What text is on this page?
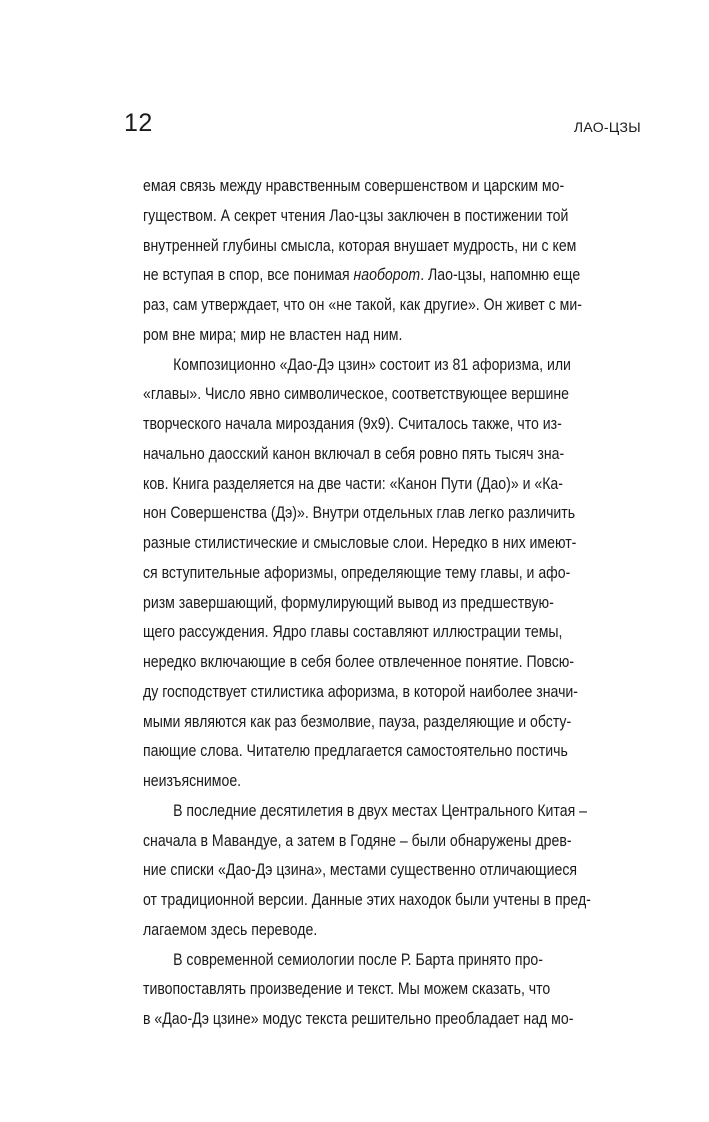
12	ЛАО-ЦЗЫ
емая связь между нравственным совершенством и царским мо-
гуществом. А секрет чтения Лао-цзы заключен в постижении той
внутренней глубины смысла, которая внушает мудрость, ни с кем
не вступая в спор, все понимая наоборот. Лао-цзы, напомню еще
раз, сам утверждает, что он «не такой, как другие». Он живет с ми-
ром вне мира; мир не властен над ним.
Композиционно «Дао-Дэ цзин» состоит из 81 афоризма, или
«главы». Число явно символическое, соответствующее вершине
творческого начала мироздания (9х9). Считалось также, что из-
начально даосский канон включал в себя ровно пять тысяч зна-
ков. Книга разделяется на две части: «Канон Пути (Дао)» и «Ка-
нон Совершенства (Дэ)». Внутри отдельных глав легко различить
разные стилистические и смысловые слои. Нередко в них имеют-
ся вступительные афоризмы, определяющие тему главы, и афо-
ризм завершающий, формулирующий вывод из предшествую-
щего рассуждения. Ядро главы составляют иллюстрации темы,
нередко включающие в себя более отвлеченное понятие. Повсю-
ду господствует стилистика афоризма, в которой наиболее значи-
мыми являются как раз безмолвие, пауза, разделяющие и обсту-
пающие слова. Читателю предлагается самостоятельно постичь
неизъяснимое.
В последние десятилетия в двух местах Центрального Китая –
сначала в Мавандуе, а затем в Годяне – были обнаружены древ-
ние списки «Дао-Дэ цзина», местами существенно отличающиеся
от традиционной версии. Данные этих находок были учтены в пред-
лагаемом здесь переводе.
В современной семиологии после Р. Барта принято про-
тивопоставлять произведение и текст. Мы можем сказать, что
в «Дао-Дэ цзине» модус текста решительно преобладает над мо-
